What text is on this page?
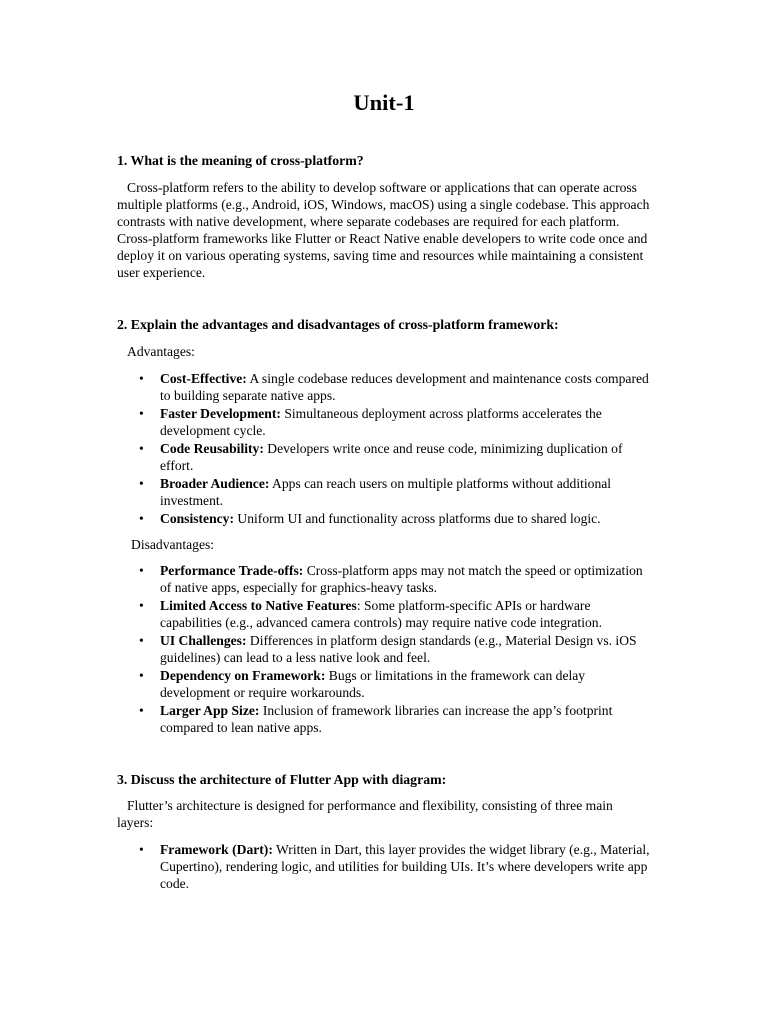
Unit-1
1. What is the meaning of cross-platform?

Cross-platform refers to the ability to develop software or applications that can operate across multiple platforms (e.g., Android, iOS, Windows, macOS) using a single codebase. This approach contrasts with native development, where separate codebases are required for each platform. Cross-platform frameworks like Flutter or React Native enable developers to write code once and deploy it on various operating systems, saving time and resources while maintaining a consistent user experience.

2. Explain the advantages and disadvantages of cross-platform framework:
Advantages:
• Cost-Effective: A single codebase reduces development and maintenance costs compared to building separate native apps.
• Faster Development: Simultaneous deployment across platforms accelerates the development cycle.
• Code Reusability: Developers write once and reuse code, minimizing duplication of effort.
• Broader Audience: Apps can reach users on multiple platforms without additional investment.
• Consistency: Uniform UI and functionality across platforms due to shared logic.
Disadvantages:
• Performance Trade-offs: Cross-platform apps may not match the speed or optimization of native apps, especially for graphics-heavy tasks.
• Limited Access to Native Features: Some platform-specific APIs or hardware capabilities (e.g., advanced camera controls) may require native code integration.
• UI Challenges: Differences in platform design standards (e.g., Material Design vs. iOS guidelines) can lead to a less native look and feel.
• Dependency on Framework: Bugs or limitations in the framework can delay development or require workarounds.
• Larger App Size: Inclusion of framework libraries can increase the app’s footprint compared to lean native apps.
3. Discuss the architecture of Flutter App with diagram:

Flutter’s architecture is designed for performance and flexibility, consisting of three main layers:

• Framework (Dart): Written in Dart, this layer provides the widget library (e.g., Material, Cupertino), rendering logic, and utilities for building UIs. It’s where developers write app code.
